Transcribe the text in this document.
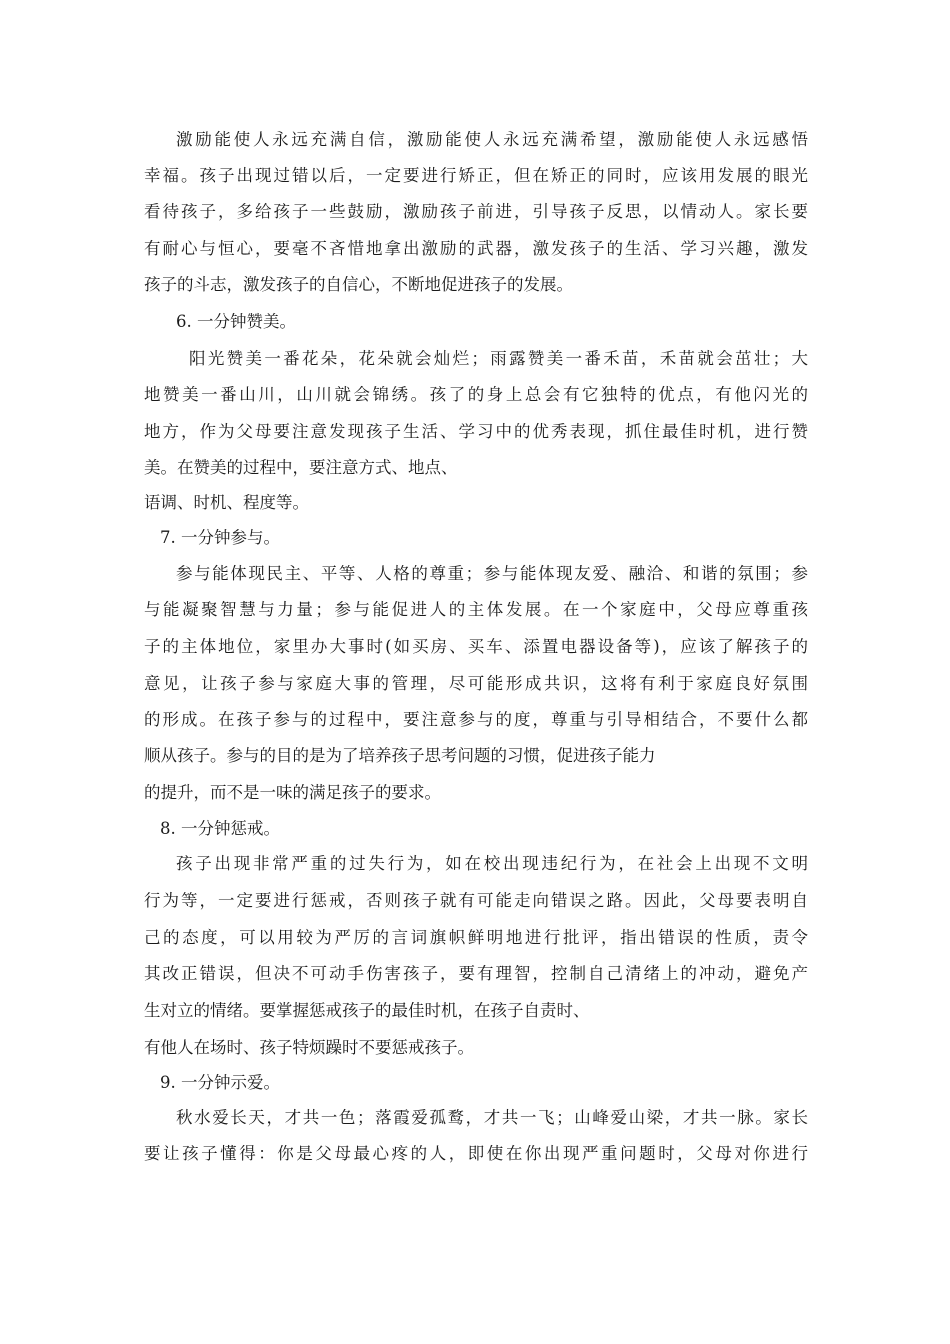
激励能使人永远充满自信，激励能使人永远充满希望，激励能使人永远感悟
幸福。孩子出现过错以后，一定要进行矫正，但在矫正的同时，应该用发展的眼光
看待孩子，多给孩子一些鼓励，激励孩子前进，引导孩子反思，以情动人。家长要
有耐心与恒心，要毫不吝惜地拿出激励的武器，激发孩子的生活、学习兴趣，激发
孩子的斗志，激发孩子的自信心，不断地促进孩子的发展。
6. 一分钟赞美。
阳光赞美一番花朵，花朵就会灿烂；雨露赞美一番禾苗，禾苗就会茁壮；大
地赞美一番山川，山川就会锦绣。孩了的身上总会有它独特的优点，有他闪光的
地方，作为父母要注意发现孩子生活、学习中的优秀表现，抓住最佳时机，进行赞
美。在赞美的过程中，要注意方式、地点、
语调、时机、程度等。
7. 一分钟参与。
参与能体现民主、平等、人格的尊重；参与能体现友爱、融洽、和谐的氛围；参
与能凝聚智慧与力量；参与能促进人的主体发展。在一个家庭中，父母应尊重孩
子的主体地位，家里办大事时(如买房、买车、添置电器设备等)，应该了解孩子的
意见，让孩子参与家庭大事的管理，尽可能形成共识，这将有利于家庭良好氛围
的形成。在孩子参与的过程中，要注意参与的度，尊重与引导相结合，不要什么都
顺从孩子。参与的目的是为了培养孩子思考问题的习惯，促进孩子能力
的提升，而不是一味的满足孩子的要求。
8. 一分钟惩戒。
孩子出现非常严重的过失行为，如在校出现违纪行为，在社会上出现不文明
行为等，一定要进行惩戒，否则孩子就有可能走向错误之路。因此，父母要表明自
己的态度，可以用较为严厉的言词旗帜鲜明地进行批评，指出错误的性质，责令
其改正错误，但决不可动手伤害孩子，要有理智，控制自己清绪上的冲动，避免产
生对立的情绪。要掌握惩戒孩子的最佳时机，在孩子自责时、
有他人在场时、孩子特烦躁时不要惩戒孩子。
9. 一分钟示爱。
秋水爱长天，才共一色；落霞爱孤鹜，才共一飞；山峰爱山梁，才共一脉。家长
要让孩子懂得：你是父母最心疼的人，即使在你出现严重问题时，父母对你进行
